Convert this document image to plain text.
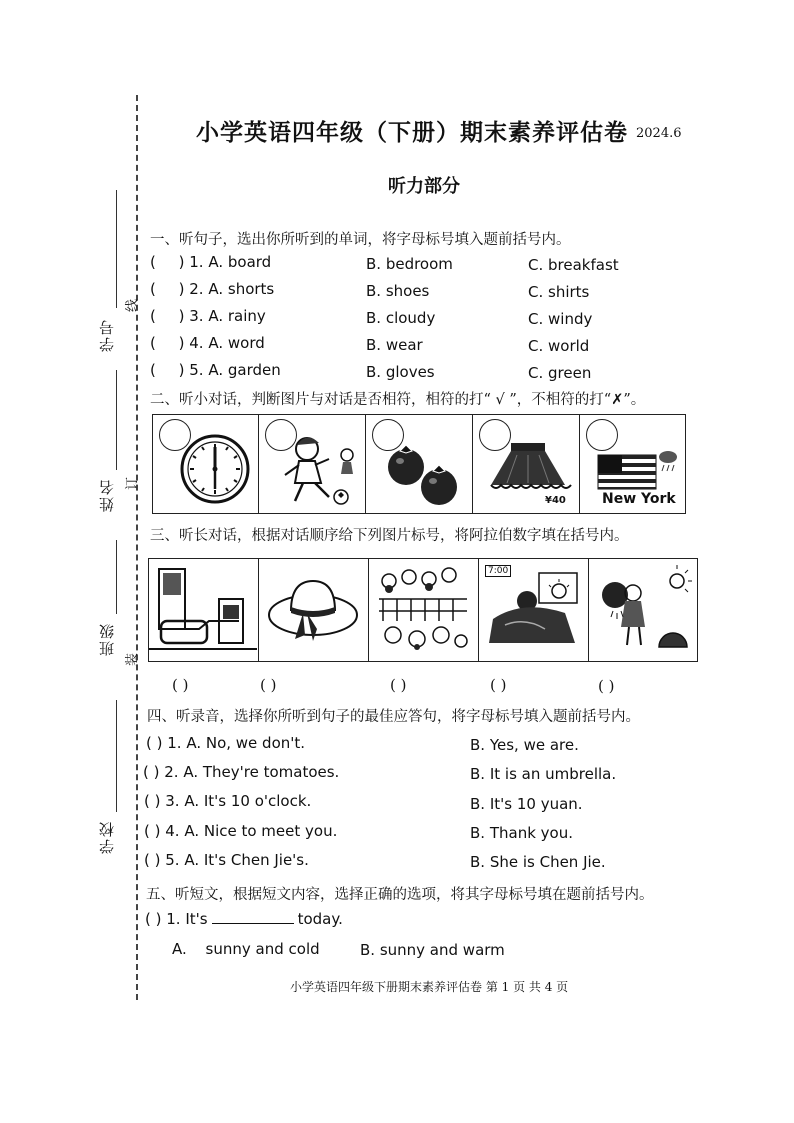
学号
线
姓名 订
班级
装
学校
小学英语四年级（下册）期末素养评估卷 2024.6
听力部分
一、听句子，选出你所听到的单词，将字母标号填入题前括号内。
( ) 1. A. board	B. bedroom	C. breakfast
( ) 2. A. shorts	B. shoes	C. shirts
( ) 3. A. rainy	B. cloudy	C. windy
( ) 4. A. word	B. wear	C. world
( ) 5. A. garden	B. gloves	C. green
二、听小对话，判断图片与对话是否相符，相符的打“ √ ”，不相符的打“✗”。
¥40	New York
三、听长对话，根据对话顺序给下列图片标号，将阿拉伯数字填在括号内。
7:00
( )	( )	( )	( )	( )
四、听录音，选择你所听到句子的最佳应答句，将字母标号填入题前括号内。
( ) 1. A. No, we don't.	B. Yes, we are.
( ) 2. A. They're tomatoes.	B. It is an umbrella.
( ) 3. A. It's 10 o'clock.	B. It's 10 yuan.
( ) 4. A. Nice to meet you.	B. Thank you.
( ) 5. A. It's Chen Jie's.	B. She is Chen Jie.
五、听短文，根据短文内容，选择正确的选项，将其字母标号填在题前括号内。
( ) 1. It's	today.
A. sunny and cold	B. sunny and warm
小学英语四年级下册期末素养评估卷 第 1 页 共 4 页
